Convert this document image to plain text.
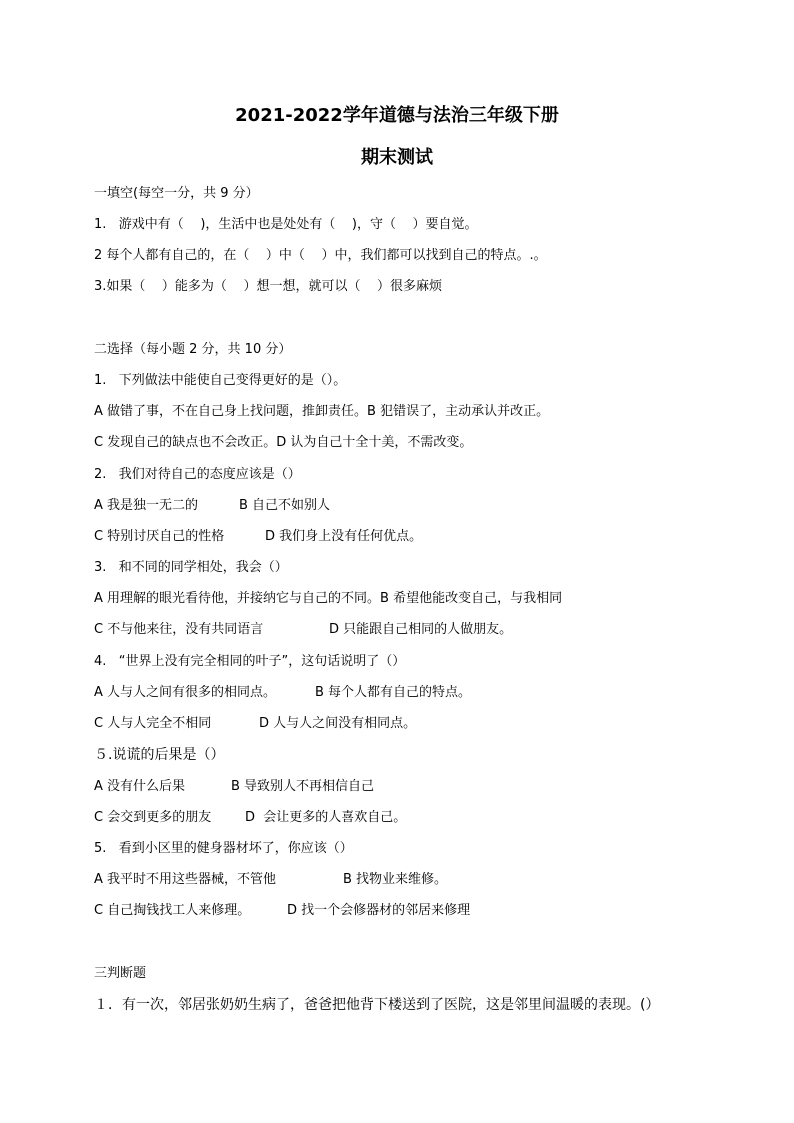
2021-2022学年道德与法治三年级下册
期末测试
一填空(每空一分，共 9 分）
1.   游戏中有（    )，生活中也是处处有（    )，守（    ）要自觉。
2 每个人都有自己的，在（    ）中（    ）中，我们都可以找到自己的特点。.。
3.如果（    ）能多为（    ）想一想，就可以（    ）很多麻烦
二选择（每小题 2 分，共 10 分）
1.   下列做法中能使自己变得更好的是（）。
A 做错了事，不在自己身上找问题，推卸责任。B 犯错误了，主动承认并改正。
C 发现自己的缺点也不会改正。D 认为自己十全十美，不需改变。
2.   我们对待自己的态度应该是（）
A 我是独一无二的	B 自己不如别人
C 特别讨厌自己的性格	D 我们身上没有任何优点。
3.   和不同的同学相处，我会（）
A 用理解的眼光看待他，并接纳它与自己的不同。B 希望他能改变自己，与我相同
C 不与他来往，没有共同语言	D 只能跟自己相同的人做朋友。
4.   “世界上没有完全相同的叶子”，这句话说明了（）
A 人与人之间有很多的相同点。	B 每个人都有自己的特点。
C 人与人完全不相同	D 人与人之间没有相同点。
５.说谎的后果是（）
A 没有什么后果	B 导致别人不再相信自己
C 会交到更多的朋友	D  会让更多的人喜欢自己。
5.   看到小区里的健身器材坏了，你应该（）
A 我平时不用这些器械，不管他	B 找物业来维修。
C 自己掏钱找工人来修理。	D 找一个会修器材的邻居来修理
三判断题
１．有一次，邻居张奶奶生病了，爸爸把他背下楼送到了医院，这是邻里间温暖的表现。(）
